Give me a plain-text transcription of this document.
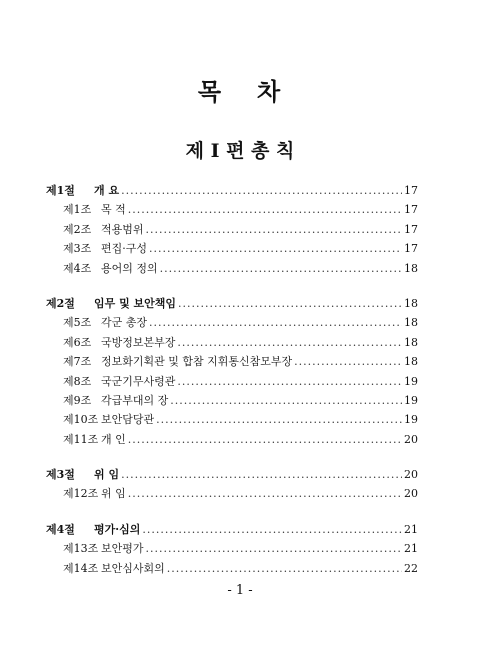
목 차
제 I 편 총 칙
제1절	개 요 .....	17
제1조 목 적 .....	17
제2조 적용범위 .....	17
제3조 편집·구성 .....	17
제4조 용어의 정의 .....	18
제2절	임무 및 보안책임 .....	18
제5조 각군 총장 .....	18
제6조 국방정보본부장 .....	18
제7조 정보화기획관 및 합참 지휘통신참모부장 .....	18
제8조 국군기무사령관 .....	19
제9조 각급부대의 장 .....	19
제10조 보안담당관 .....	19
제11조 개 인 .....	20
제3절	위 임 .....	20
제12조 위 임 .....	20
제4절	평가·심의 .....	21
제13조 보안평가 .....	21
제14조 보안심사회의 .....	22
- 1 -
